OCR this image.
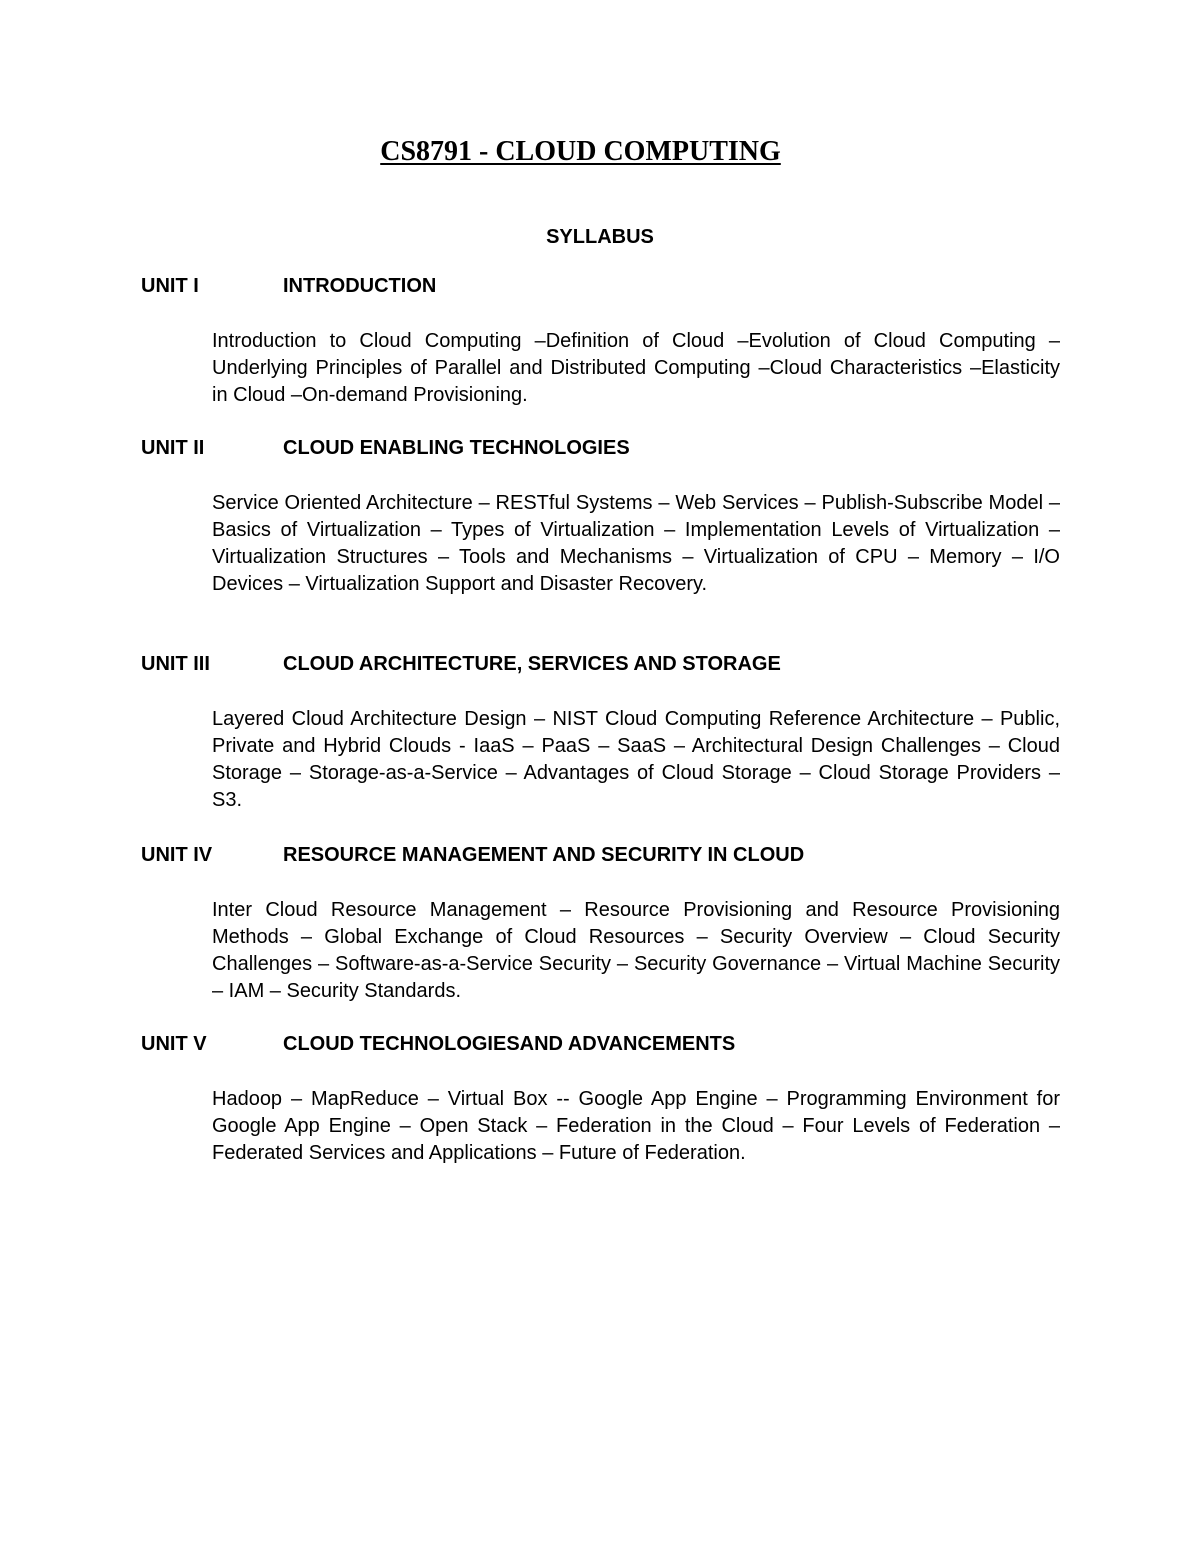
CS8791 - CLOUD COMPUTING
SYLLABUS
UNIT I	INTRODUCTION

Introduction to Cloud Computing –Definition of Cloud –Evolution of Cloud Computing –Underlying Principles of Parallel and Distributed Computing –Cloud Characteristics –Elasticity in Cloud –On-demand Provisioning.

UNIT II	CLOUD ENABLING TECHNOLOGIES

Service Oriented Architecture – RESTful Systems – Web Services – Publish-Subscribe Model – Basics of Virtualization – Types of Virtualization – Implementation Levels of Virtualization – Virtualization Structures – Tools and Mechanisms – Virtualization of CPU – Memory – I/O Devices – Virtualization Support and Disaster Recovery.

UNIT III	CLOUD ARCHITECTURE, SERVICES AND STORAGE

Layered Cloud Architecture Design – NIST Cloud Computing Reference Architecture – Public, Private and Hybrid Clouds - IaaS – PaaS – SaaS – Architectural Design Challenges – Cloud Storage – Storage-as-a-Service – Advantages of Cloud Storage – Cloud Storage Providers – S3.

UNIT IV	RESOURCE MANAGEMENT AND SECURITY IN CLOUD

Inter Cloud Resource Management – Resource Provisioning and Resource Provisioning Methods – Global Exchange of Cloud Resources – Security Overview – Cloud Security Challenges – Software-as-a-Service Security – Security Governance – Virtual Machine Security – IAM – Security Standards.

UNIT V	CLOUD TECHNOLOGIESAND ADVANCEMENTS

Hadoop – MapReduce – Virtual Box -- Google App Engine – Programming Environment for Google App Engine – Open Stack – Federation in the Cloud – Four Levels of Federation – Federated Services and Applications – Future of Federation.
